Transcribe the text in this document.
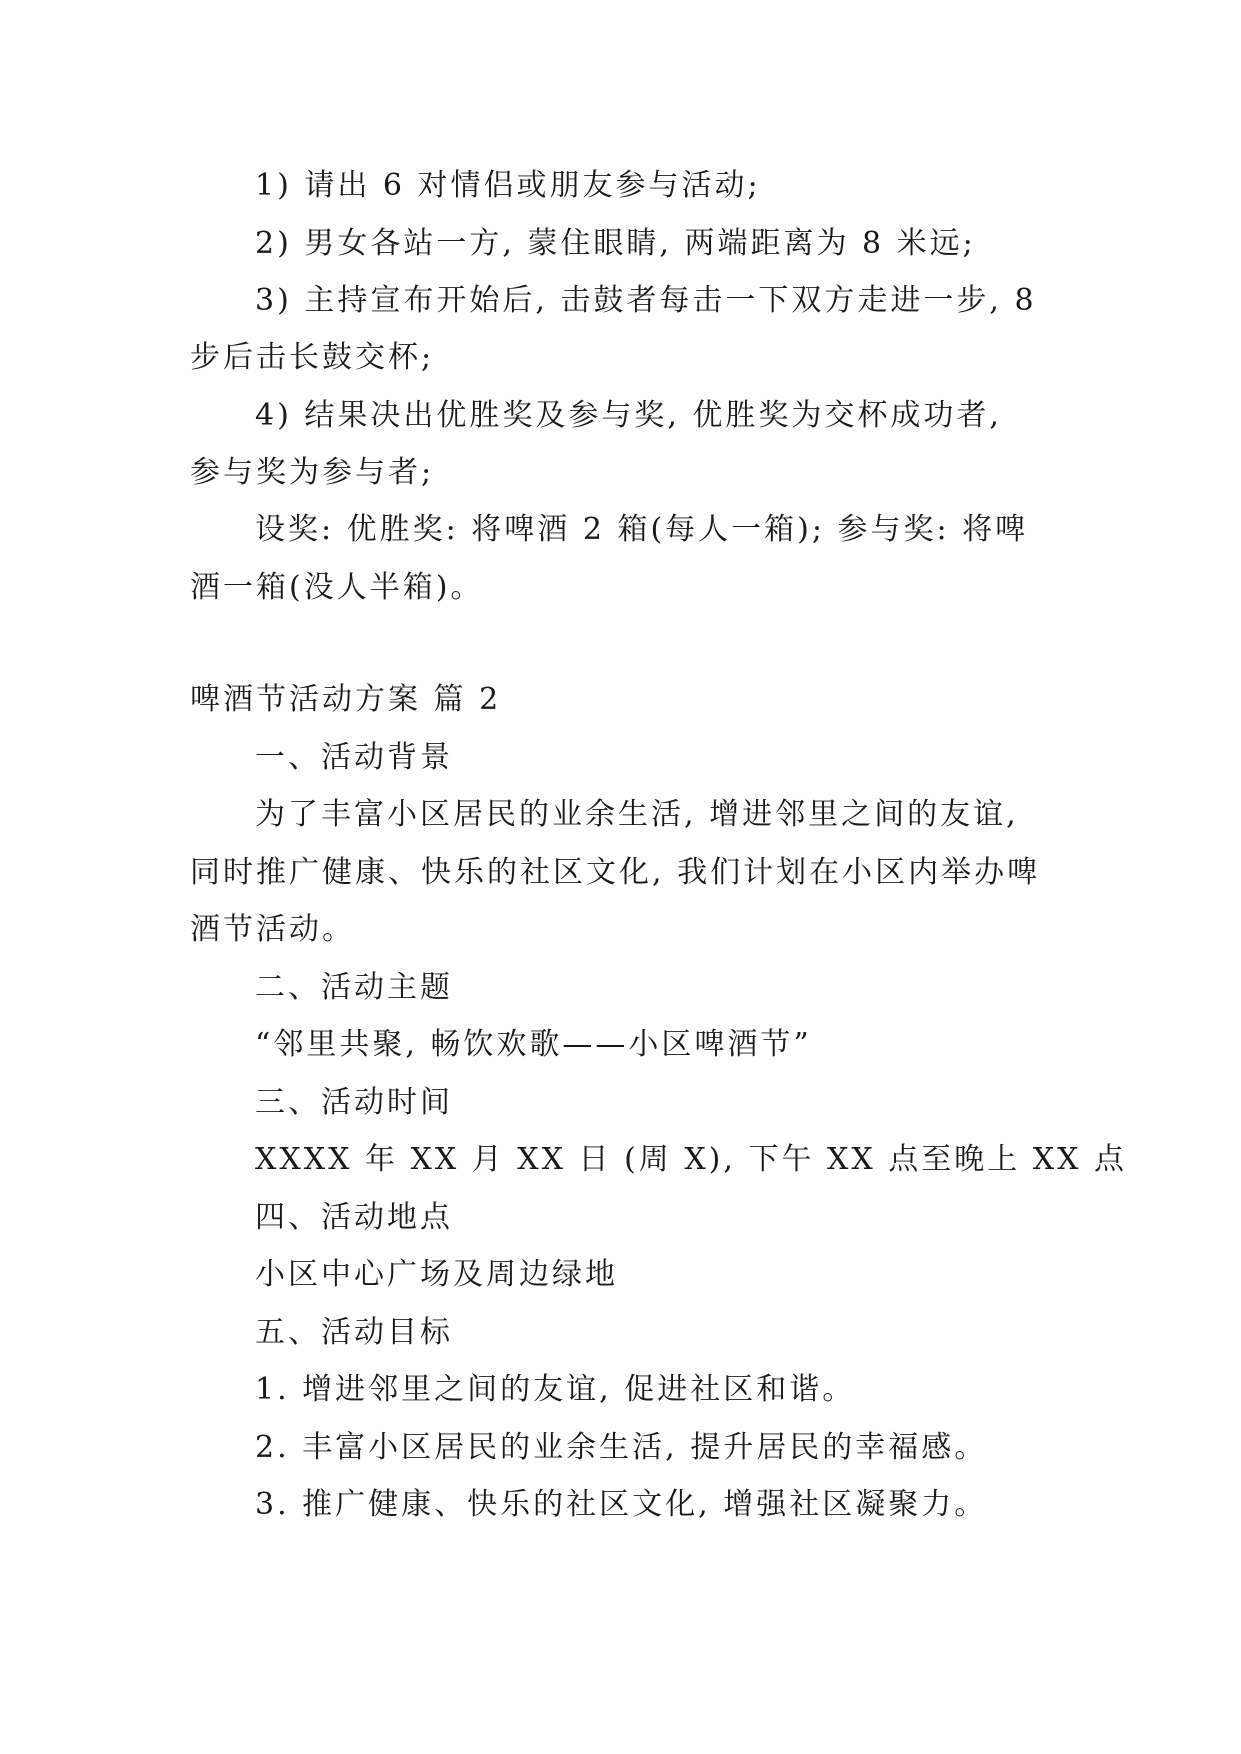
1) 请出 6 对情侣或朋友参与活动;
2) 男女各站一方, 蒙住眼睛, 两端距离为 8 米远;
3) 主持宣布开始后, 击鼓者每击一下双方走进一步, 8
步后击长鼓交杯;
4) 结果决出优胜奖及参与奖, 优胜奖为交杯成功者,
参与奖为参与者;
设奖: 优胜奖: 将啤酒 2 箱(每人一箱); 参与奖: 将啤
酒一箱(没人半箱)。
啤酒节活动方案 篇 2
一、活动背景
为了丰富小区居民的业余生活, 增进邻里之间的友谊,
同时推广健康、快乐的社区文化, 我们计划在小区内举办啤
酒节活动。
二、活动主题
“邻里共聚, 畅饮欢歌——小区啤酒节”
三、活动时间
XXXX 年 XX 月 XX 日 (周 X), 下午 XX 点至晚上 XX 点
四、活动地点
小区中心广场及周边绿地
五、活动目标
1. 增进邻里之间的友谊, 促进社区和谐。
2. 丰富小区居民的业余生活, 提升居民的幸福感。
3. 推广健康、快乐的社区文化, 增强社区凝聚力。
